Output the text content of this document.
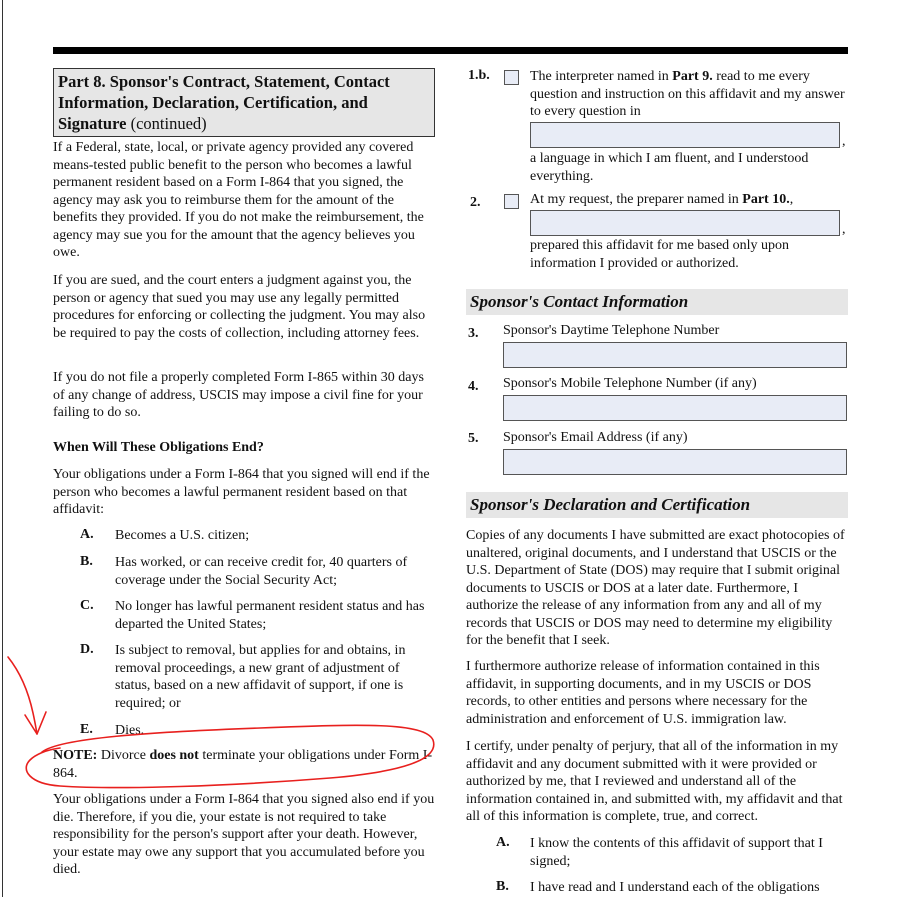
Part 8. Sponsor's Contract, Statement, Contact Information, Declaration, Certification, and Signature (continued)

If a Federal, state, local, or private agency provided any covered means-tested public benefit to the person who becomes a lawful permanent resident based on a Form I-864 that you signed, the agency may ask you to reimburse them for the amount of the benefits they provided. If you do not make the reimbursement, the agency may sue you for the amount that the agency believes you owe.

If you are sued, and the court enters a judgment against you, the person or agency that sued you may use any legally permitted procedures for enforcing or collecting the judgment. You may also be required to pay the costs of collection, including attorney fees.

If you do not file a properly completed Form I-865 within 30 days of any change of address, USCIS may impose a civil fine for your failing to do so.

When Will These Obligations End?

Your obligations under a Form I-864 that you signed will end if the person who becomes a lawful permanent resident based on that affidavit:

A. Becomes a U.S. citizen;
B. Has worked, or can receive credit for, 40 quarters of coverage under the Social Security Act;
C. No longer has lawful permanent resident status and has departed the United States;
D. Is subject to removal, but applies for and obtains, in removal proceedings, a new grant of adjustment of status, based on a new affidavit of support, if one is required; or
E. Dies.

NOTE: Divorce does not terminate your obligations under Form I-864.

Your obligations under a Form I-864 that you signed also end if you die. Therefore, if you die, your estate is not required to take responsibility for the person's support after your death. However, your estate may owe any support that you accumulated before you died.

1.b.	The interpreter named in Part 9. read to me every question and instruction on this affidavit and my answer to every question in

,

a language in which I am fluent, and I understood everything.

2.	At my request, the preparer named in Part 10.,

,

prepared this affidavit for me based only upon information I provided or authorized.

Sponsor's Contact Information
3. Sponsor's Daytime Telephone Number
4. Sponsor's Mobile Telephone Number (if any)
5. Sponsor's Email Address (if any)
Sponsor's Declaration and Certification

Copies of any documents I have submitted are exact photocopies of unaltered, original documents, and I understand that USCIS or the U.S. Department of State (DOS) may require that I submit original documents to USCIS or DOS at a later date. Furthermore, I authorize the release of any information from any and all of my records that USCIS or DOS may need to determine my eligibility for the benefit that I seek.

I furthermore authorize release of information contained in this affidavit, in supporting documents, and in my USCIS or DOS records, to other entities and persons where necessary for the administration and enforcement of U.S. immigration law.

I certify, under penalty of perjury, that all of the information in my affidavit and any document submitted with it were provided or authorized by me, that I reviewed and understand all of the information contained in, and submitted with, my affidavit and that all of this information is complete, true, and correct.

A. I know the contents of this affidavit of support that I signed;
B. I have read and I understand each of the obligations
